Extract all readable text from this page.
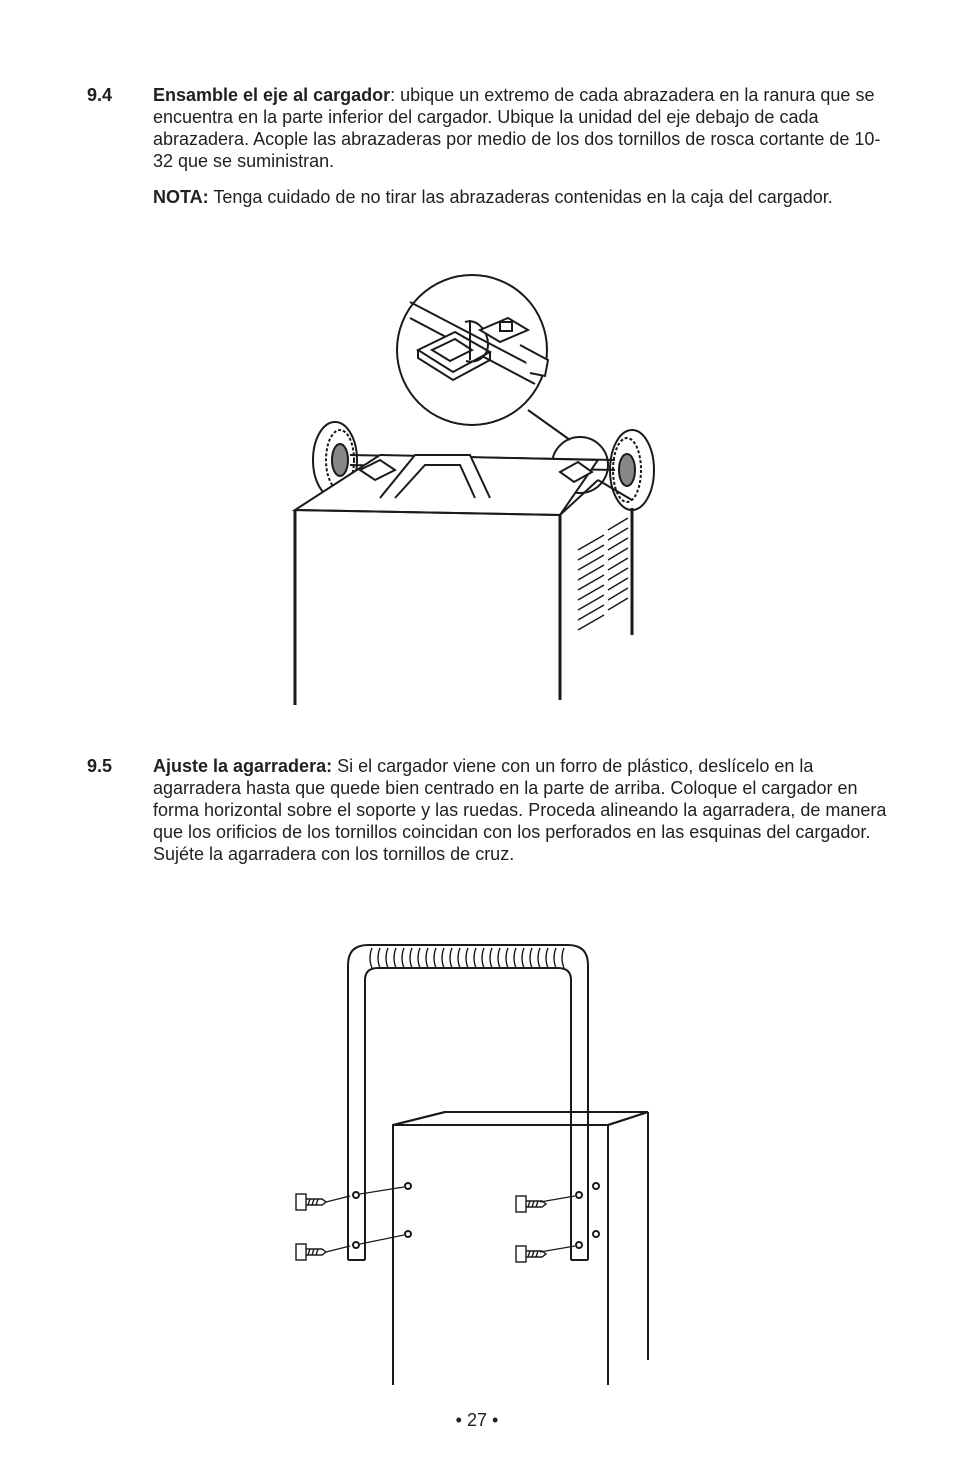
9.4 Ensamble el eje al cargador: ubique un extremo de cada abrazadera en la ranura que se encuentra en la parte inferior del cargador. Ubique la unidad del eje debajo de cada abrazadera. Acople las abrazaderas por medio de los dos tornillos de rosca cortante de 10-32 que se suministran.

NOTA: Tenga cuidado de no tirar las abrazaderas contenidas en la caja del cargador.

9.5 Ajuste la agarradera: Si el cargador viene con un forro de plástico, deslícelo en la agarradera hasta que quede bien centrado en la parte de arriba. Coloque el cargador en forma horizontal sobre el soporte y las ruedas. Proceda alineando la agarradera, de manera que los orificios de los tornillos coincidan con los perforados en las esquinas del cargador. Sujéte la agarradera con los tornillos de cruz.

• 27 •
